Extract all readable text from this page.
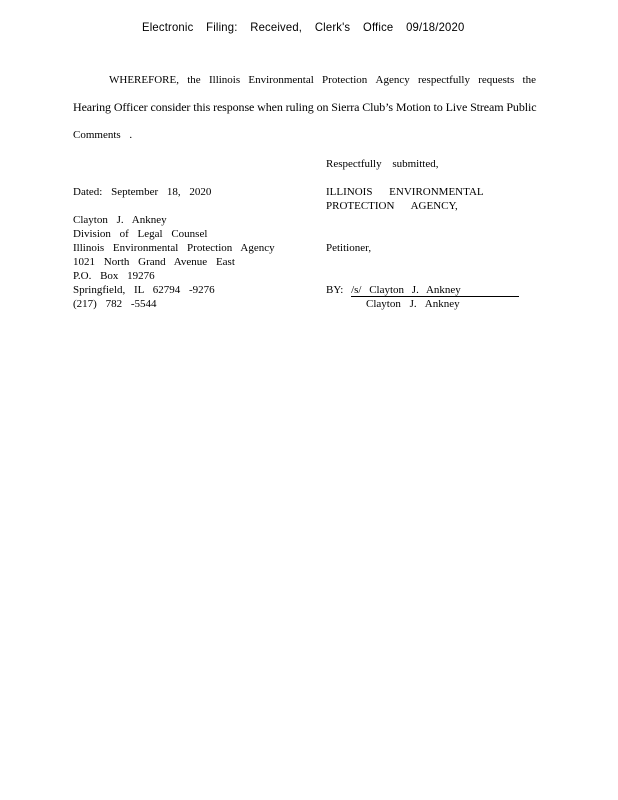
Electronic Filing: Received, Clerk's Office 09/18/2020
WHEREFORE, the Illinois Environmental Protection Agency respectfully requests the
Hearing Officer consider this response when ruling on Sierra Club’s Motion to Live Stream Public
Comments .
Respectfully submitted,
Dated: September 18, 2020	ILLINOIS ENVIRONMENTAL
PROTECTION AGENCY,
Clayton J. Ankney
Division of Legal Counsel
Illinois Environmental Protection Agency
1021 North Grand Avenue East
P.O. Box 19276
Springfield, IL 62794 -9276
(217) 782 -5544
Petitioner,
BY: /s/ Clayton J. Ankney
Clayton J. Ankney
